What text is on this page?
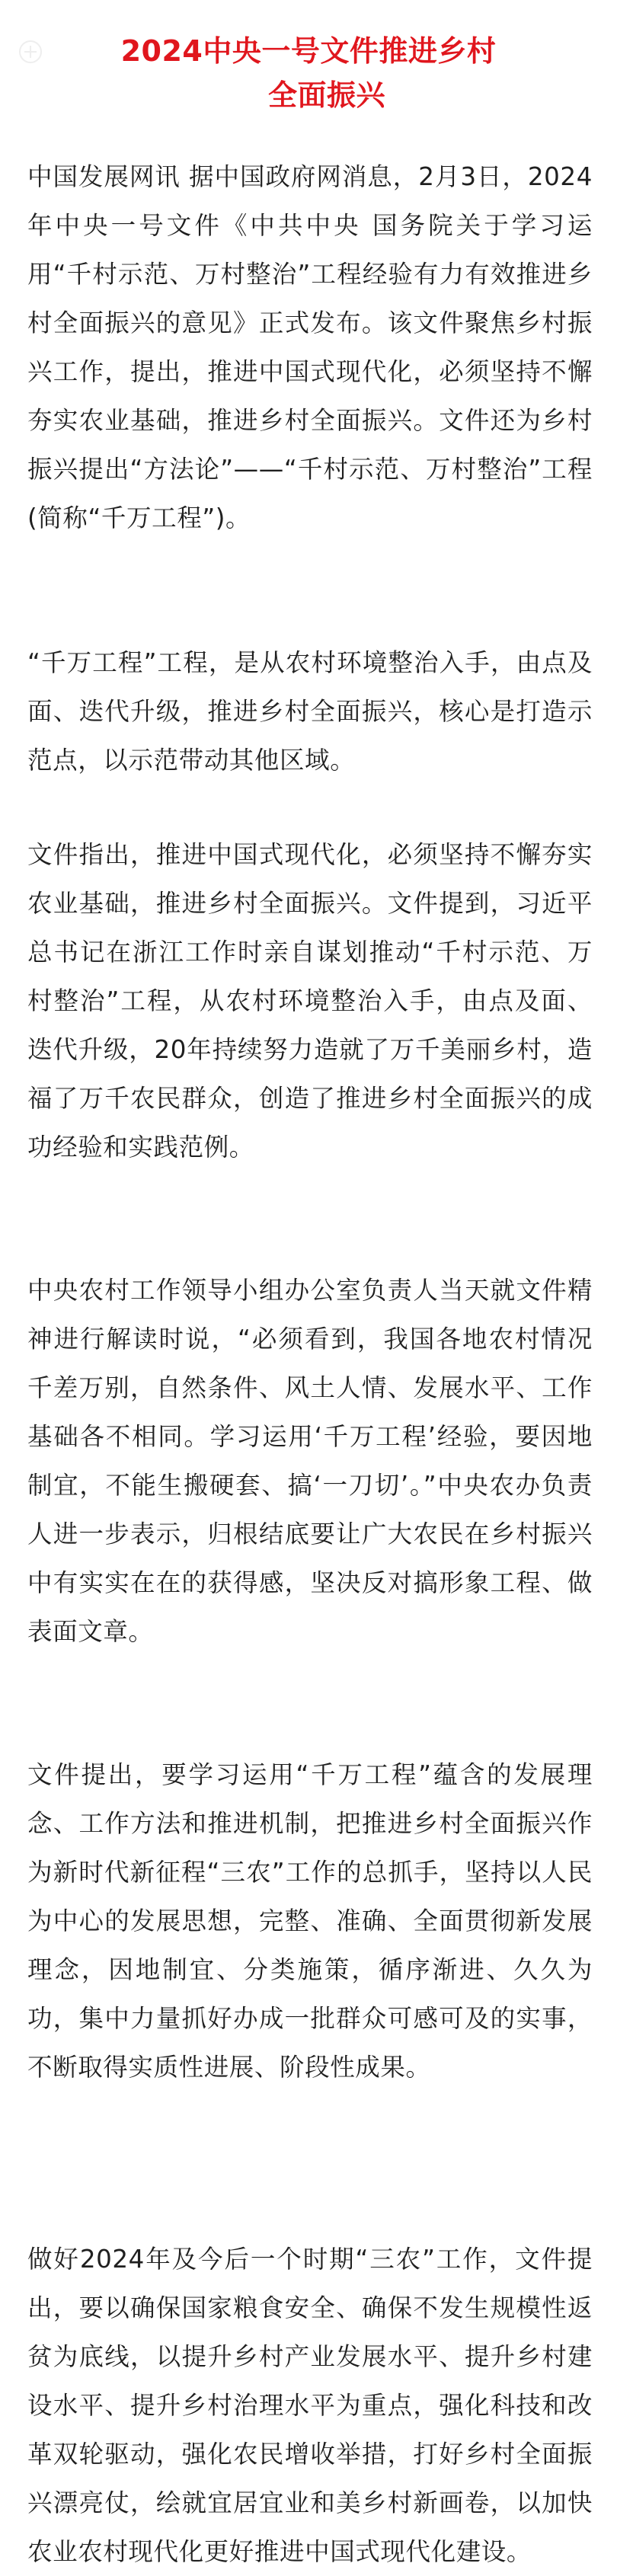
2024中央一号文件推进乡村
全面振兴

中国发展网讯 据中国政府网消息，2月3日，2024年中央一号文件《中共中央 国务院关于学习运用“千村示范、万村整治”工程经验有力有效推进乡村全面振兴的意见》正式发布。该文件聚焦乡村振兴工作，提出，推进中国式现代化，必须坚持不懈夯实农业基础，推进乡村全面振兴。文件还为乡村振兴提出“方法论”——“千村示范、万村整治”工程(简称“千万工程”)。

“千万工程”工程，是从农村环境整治入手，由点及面、迭代升级，推进乡村全面振兴，核心是打造示范点，以示范带动其他区域。

文件指出，推进中国式现代化，必须坚持不懈夯实农业基础，推进乡村全面振兴。文件提到，习近平总书记在浙江工作时亲自谋划推动“千村示范、万村整治”工程，从农村环境整治入手，由点及面、迭代升级，20年持续努力造就了万千美丽乡村，造福了万千农民群众，创造了推进乡村全面振兴的成功经验和实践范例。

中央农村工作领导小组办公室负责人当天就文件精神进行解读时说，“必须看到，我国各地农村情况千差万别，自然条件、风土人情、发展水平、工作基础各不相同。学习运用‘千万工程’经验，要因地制宜，不能生搬硬套、搞‘一刀切’。”中央农办负责人进一步表示，归根结底要让广大农民在乡村振兴中有实实在在的获得感，坚决反对搞形象工程、做表面文章。

文件提出，要学习运用“千万工程”蕴含的发展理念、工作方法和推进机制，把推进乡村全面振兴作为新时代新征程“三农”工作的总抓手，坚持以人民为中心的发展思想，完整、准确、全面贯彻新发展理念，因地制宜、分类施策，循序渐进、久久为功，集中力量抓好办成一批群众可感可及的实事，不断取得实质性进展、阶段性成果。

做好2024年及今后一个时期“三农”工作，文件提出，要以确保国家粮食安全、确保不发生规模性返贫为底线，以提升乡村产业发展水平、提升乡村建设水平、提升乡村治理水平为重点，强化科技和改革双轮驱动，强化农民增收举措，打好乡村全面振兴漂亮仗，绘就宜居宜业和美乡村新画卷，以加快农业农村现代化更好推进中国式现代化建设。
